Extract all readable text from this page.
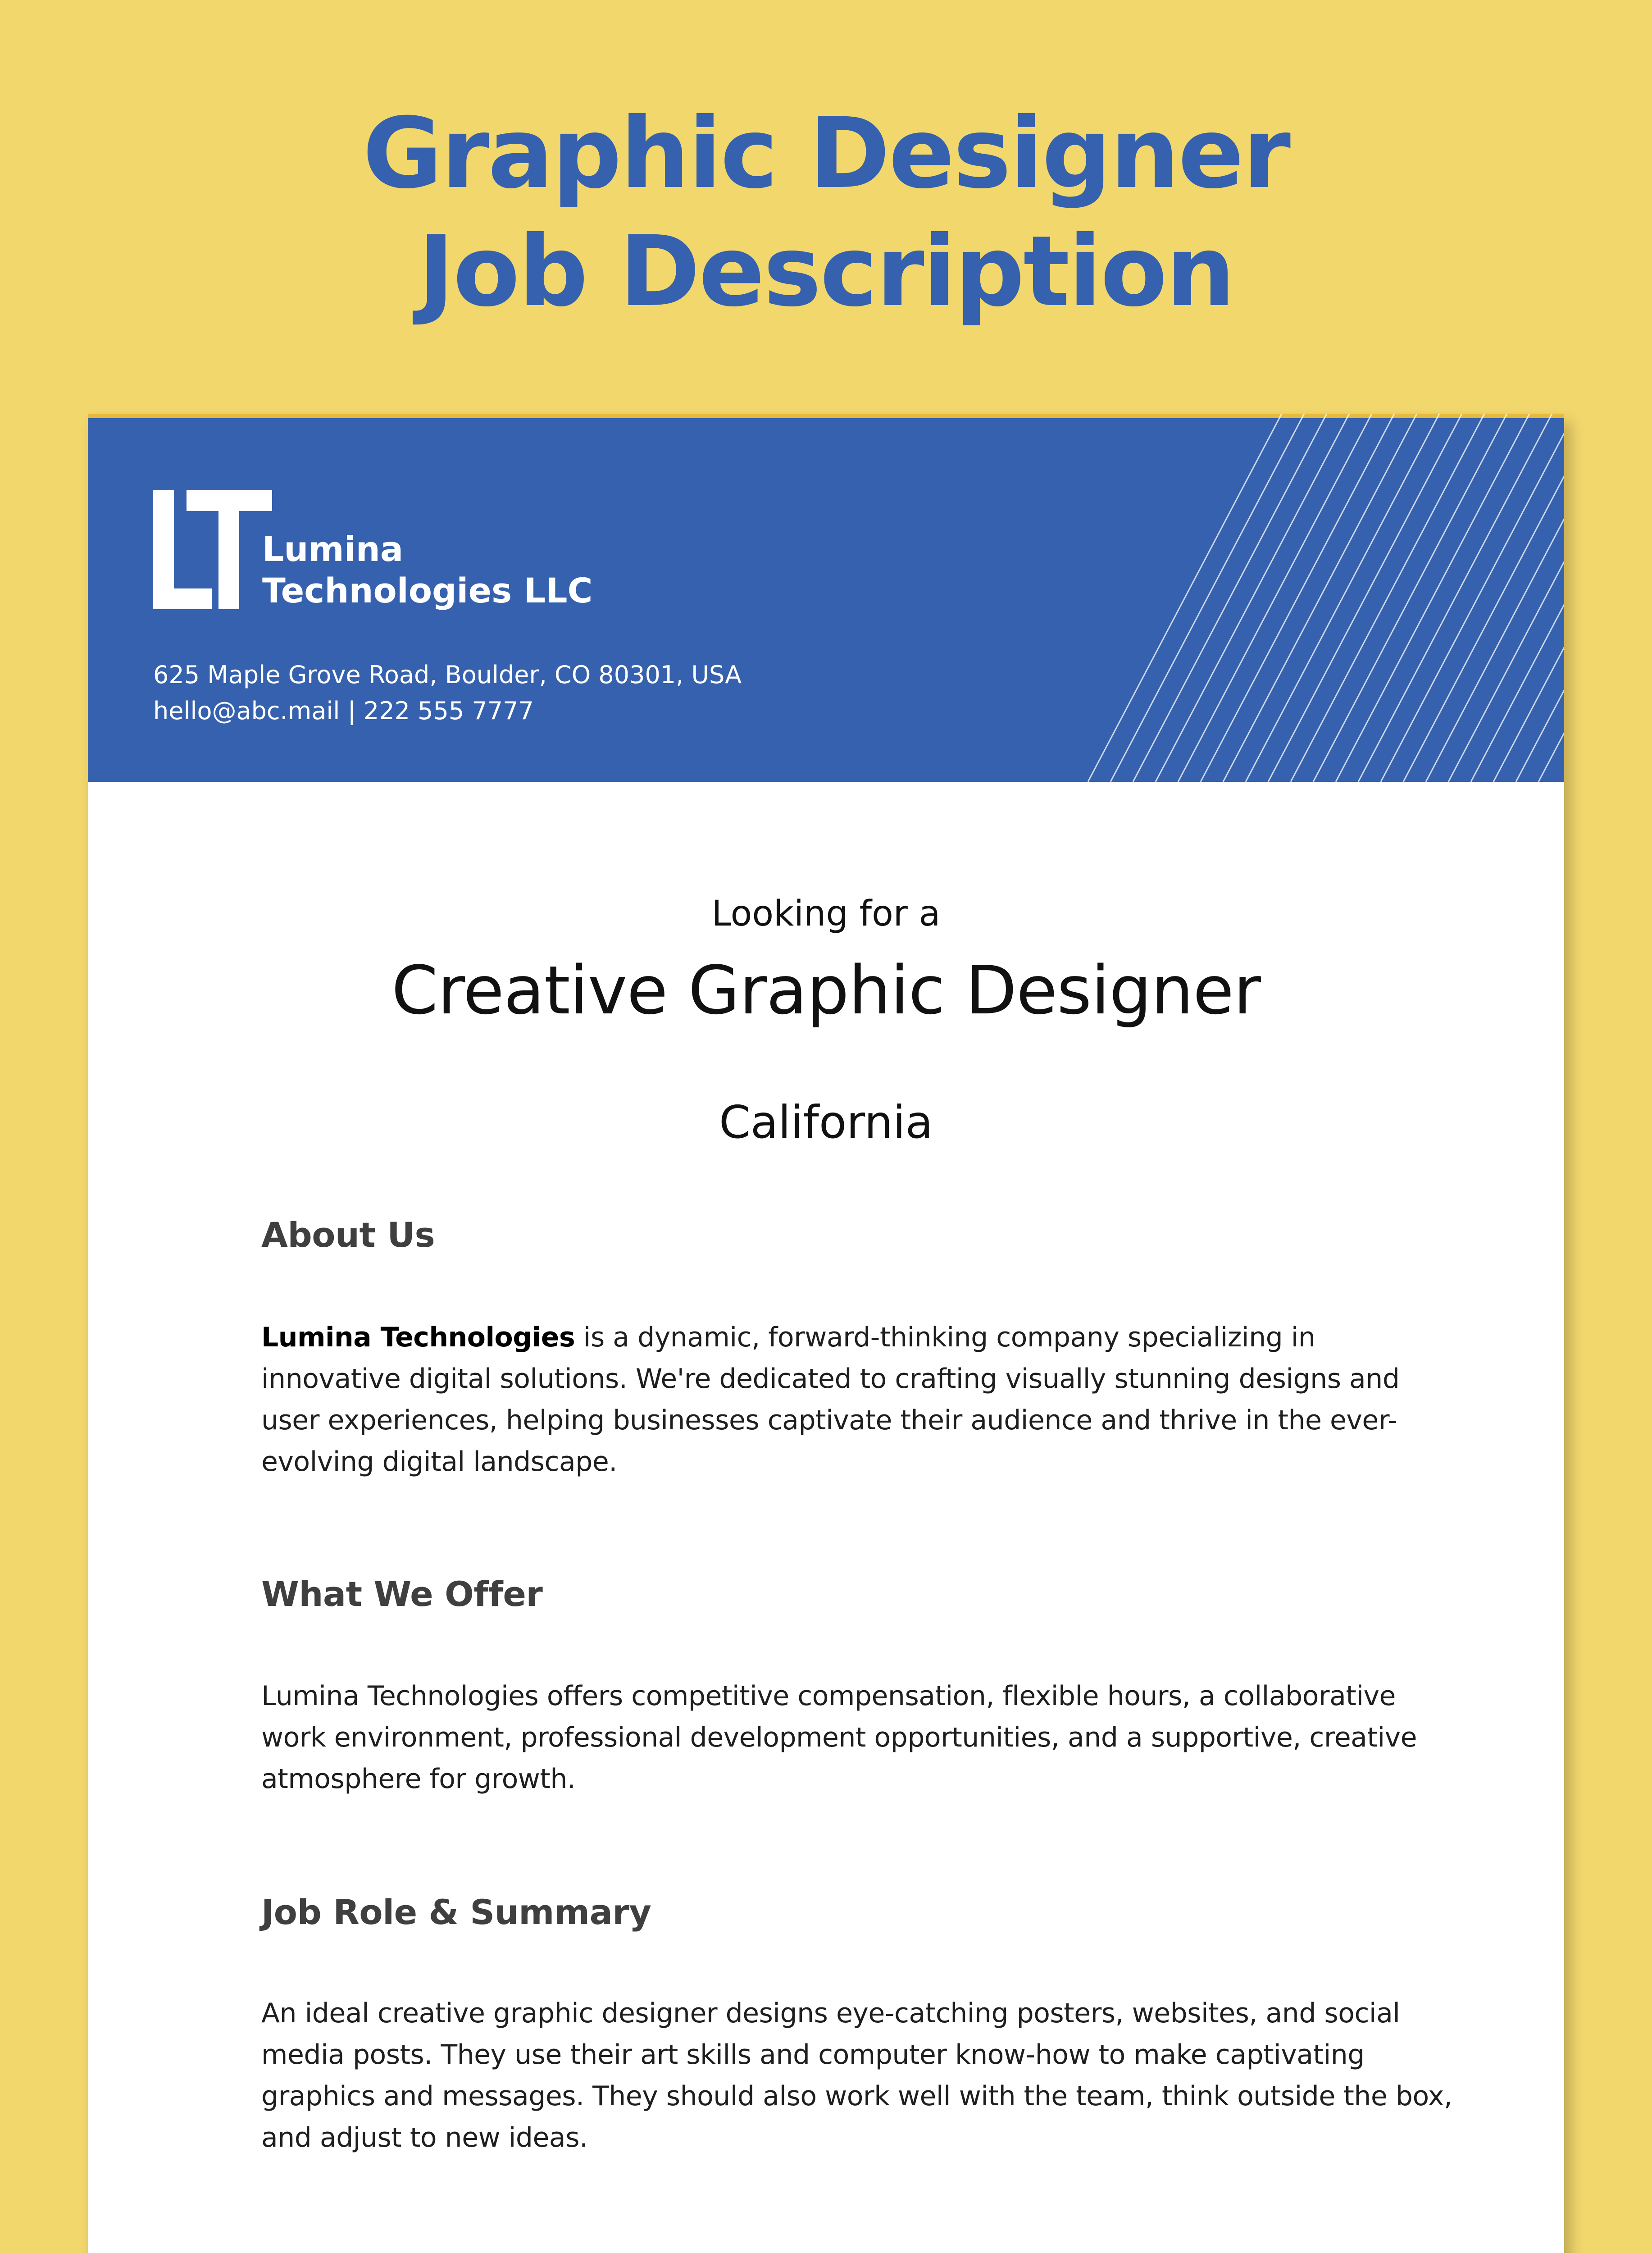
Graphic Designer
Job Description
Lumina
Technologies LLC
625 Maple Grove Road, Boulder, CO 80301, USA
hello@abc.mail | 222 555 7777
Looking for a
Creative Graphic Designer
California
About Us

Lumina Technologies is a dynamic, forward-thinking company specializing in innovative digital solutions. We're dedicated to crafting visually stunning designs and user experiences, helping businesses captivate their audience and thrive in the ever-evolving digital landscape.

What We Offer

Lumina Technologies offers competitive compensation, flexible hours, a collaborative work environment, professional development opportunities, and a supportive, creative atmosphere for growth.

Job Role & Summary

An ideal creative graphic designer designs eye-catching posters, websites, and social media posts. They use their art skills and computer know-how to make captivating graphics and messages. They should also work well with the team, think outside the box, and adjust to new ideas.
